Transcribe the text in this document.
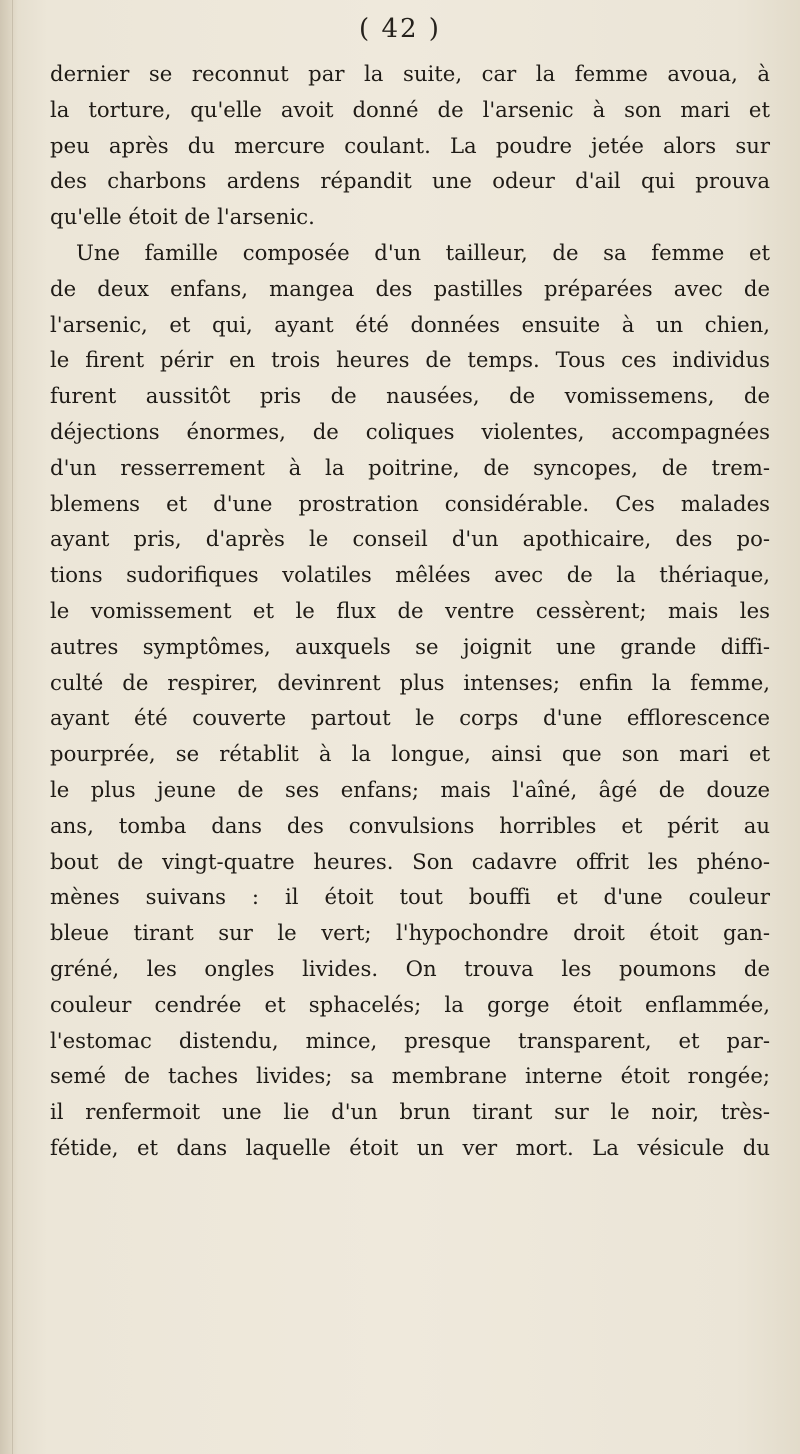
( 42 )
dernier se reconnut par la suite, car la femme avoua, à
la torture, qu'elle avoit donné de l'arsenic à son mari et
peu après du mercure coulant. La poudre jetée alors sur
des charbons ardens répandit une odeur d'ail qui prouva
qu'elle étoit de l'arsenic.
Une famille composée d'un tailleur, de sa femme et
de deux enfans, mangea des pastilles préparées avec de
l'arsenic, et qui, ayant été données ensuite à un chien,
le firent périr en trois heures de temps. Tous ces individus
furent aussitôt pris de nausées, de vomissemens, de
déjections énormes, de coliques violentes, accompagnées
d'un resserrement à la poitrine, de syncopes, de trem-
blemens et d'une prostration considérable. Ces malades
ayant pris, d'après le conseil d'un apothicaire, des po-
tions sudorifiques volatiles mêlées avec de la thériaque,
le vomissement et le flux de ventre cessèrent; mais les
autres symptômes, auxquels se joignit une grande diffi-
culté de respirer, devinrent plus intenses; enfin la femme,
ayant été couverte partout le corps d'une efflorescence
pourprée, se rétablit à la longue, ainsi que son mari et
le plus jeune de ses enfans; mais l'aîné, âgé de douze
ans, tomba dans des convulsions horribles et périt au
bout de vingt-quatre heures. Son cadavre offrit les phéno-
mènes suivans : il étoit tout bouffi et d'une couleur
bleue tirant sur le vert; l'hypochondre droit étoit gan-
gréné, les ongles livides. On trouva les poumons de
couleur cendrée et sphacelés; la gorge étoit enflammée,
l'estomac distendu, mince, presque transparent, et par-
semé de taches livides; sa membrane interne étoit rongée;
il renfermoit une lie d'un brun tirant sur le noir, très-
fétide, et dans laquelle étoit un ver mort. La vésicule du
